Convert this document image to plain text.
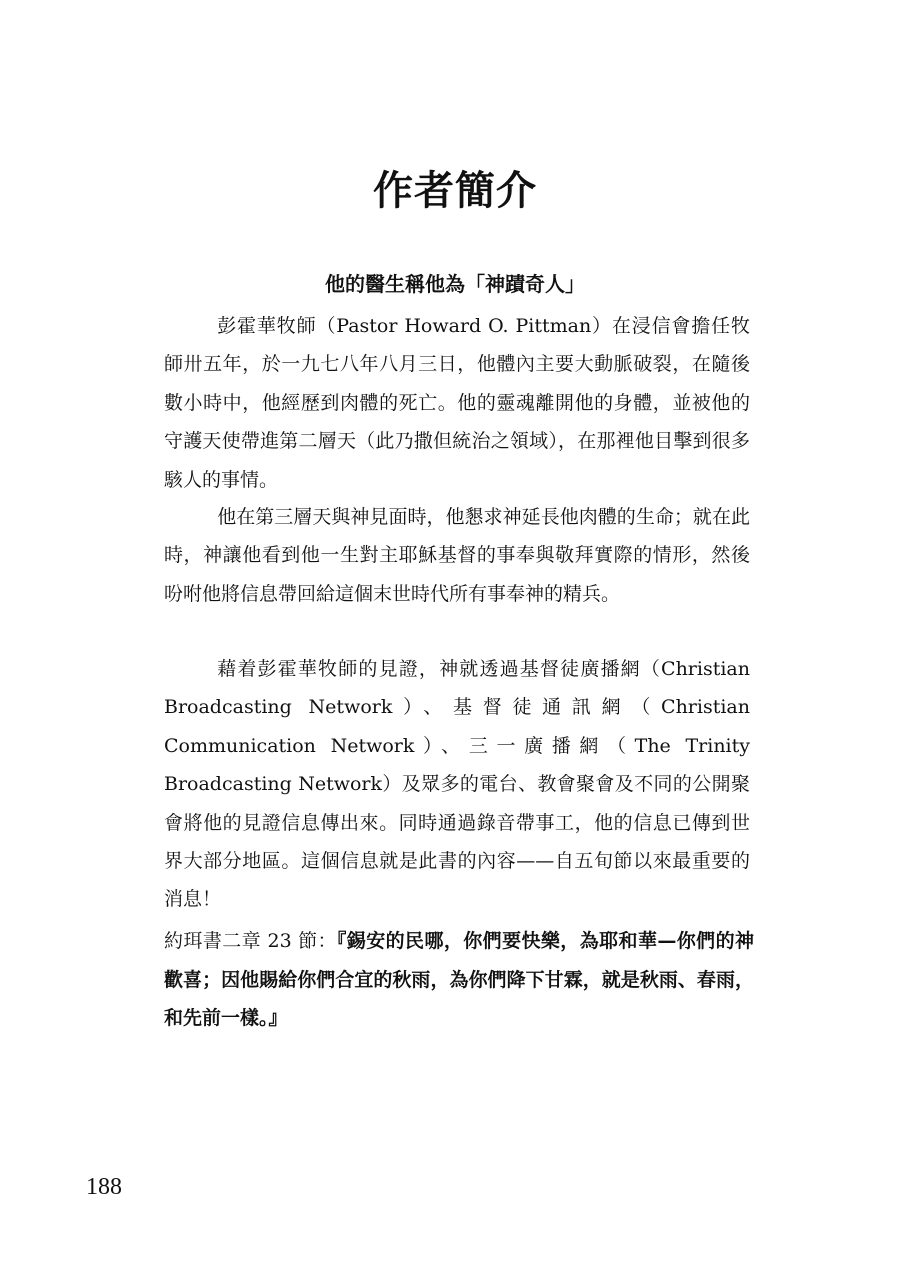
作者簡介
他的醫生稱他為「神蹟奇人」

彭霍華牧師（Pastor Howard O. Pittman）在浸信會擔任牧師卅五年，於一九七八年八月三日，他體內主要大動脈破裂，在隨後數小時中，他經歷到肉體的死亡。他的靈魂離開他的身體，並被他的守護天使帶進第二層天（此乃撒但統治之領域），在那裡他目擊到很多駭人的事情。

他在第三層天與神見面時，他懇求神延長他肉體的生命；就在此時，神讓他看到他一生對主耶穌基督的事奉與敬拜實際的情形，然後吩咐他將信息帶回給這個末世時代所有事奉神的精兵。

藉着彭霍華牧師的見證，神就透過基督徒廣播網（Christian Broadcasting Network）、基督徒通訊網（Christian Communication Network）、三一廣播網（The Trinity Broadcasting Network）及眾多的電台、教會聚會及不同的公開聚會將他的見證信息傳出來。同時通過錄音帶事工，他的信息已傳到世界大部分地區。這個信息就是此書的內容——自五旬節以來最重要的消息！

約珥書二章 23 節：『錫安的民哪，你們要快樂，為耶和華—你們的神歡喜；因他賜給你們合宜的秋雨，為你們降下甘霖，就是秋雨、春雨，和先前一樣。』

188
